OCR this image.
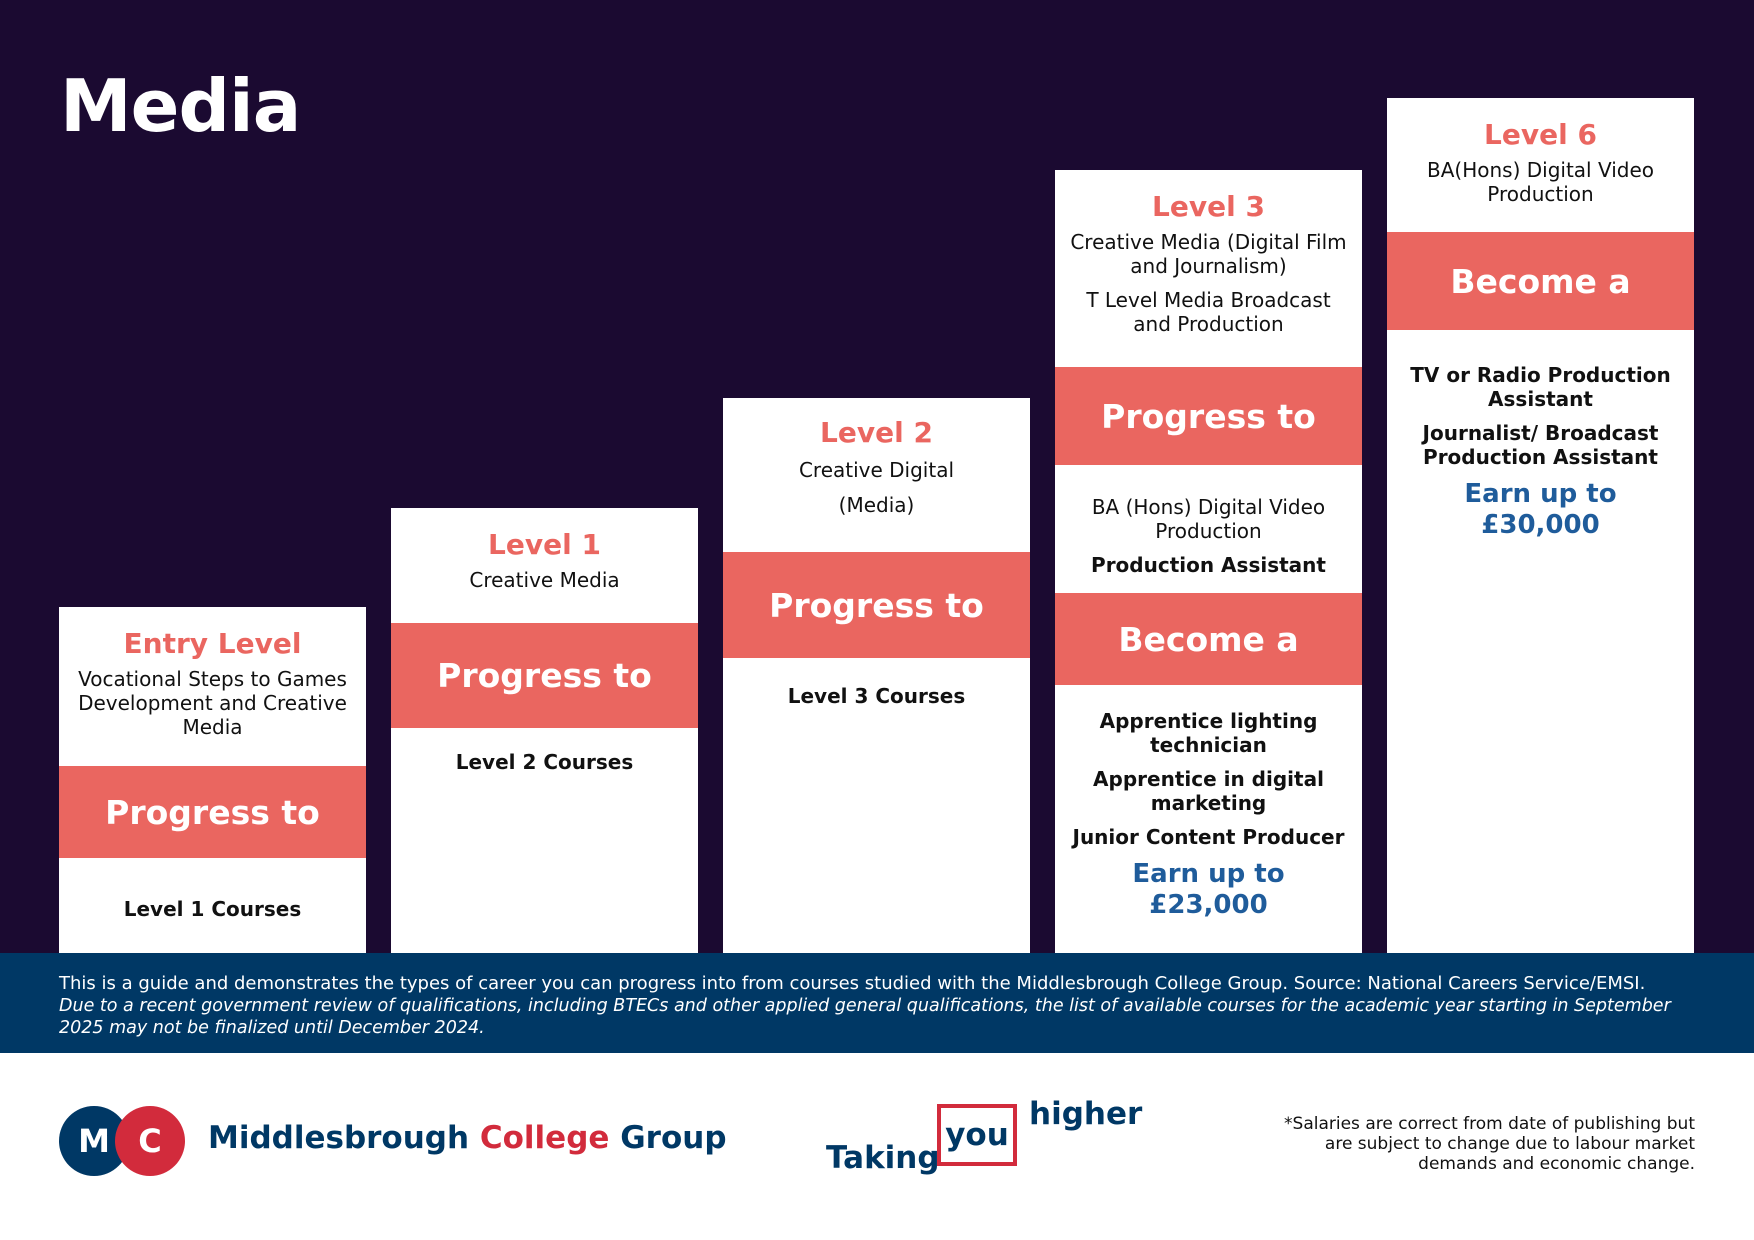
Media
Entry Level
Vocational Steps to Games Development and Creative Media
Progress to
Level 1 Courses
Level 1
Creative Media
Progress to
Level 2 Courses
Level 2
Creative Digital
(Media)
Progress to
Level 3 Courses
Level 3
Creative Media (Digital Film and Journalism)
T Level Media Broadcast and Production
Progress to
BA (Hons) Digital Video Production
Production Assistant
Become a
Apprentice lighting technician
Apprentice in digital marketing
Junior Content Producer
Earn up to
£23,000
Level 6
BA(Hons) Digital Video Production
Become a
TV or Radio Production Assistant
Journalist/ Broadcast Production Assistant
Earn up to
£30,000

This is a guide and demonstrates the types of career you can progress into from courses studied with the Middlesbrough College Group. Source: National Careers Service/EMSI.

Due to a recent government review of qualifications, including BTECs and other applied general qualifications, the list of available courses for the academic year starting in September 2025 may not be finalized until December 2024.

M C	Middlesbrough College Group
Taking
you
higher	*Salaries are correct from date of publishing but are subject to change due to labour market demands and economic change.
